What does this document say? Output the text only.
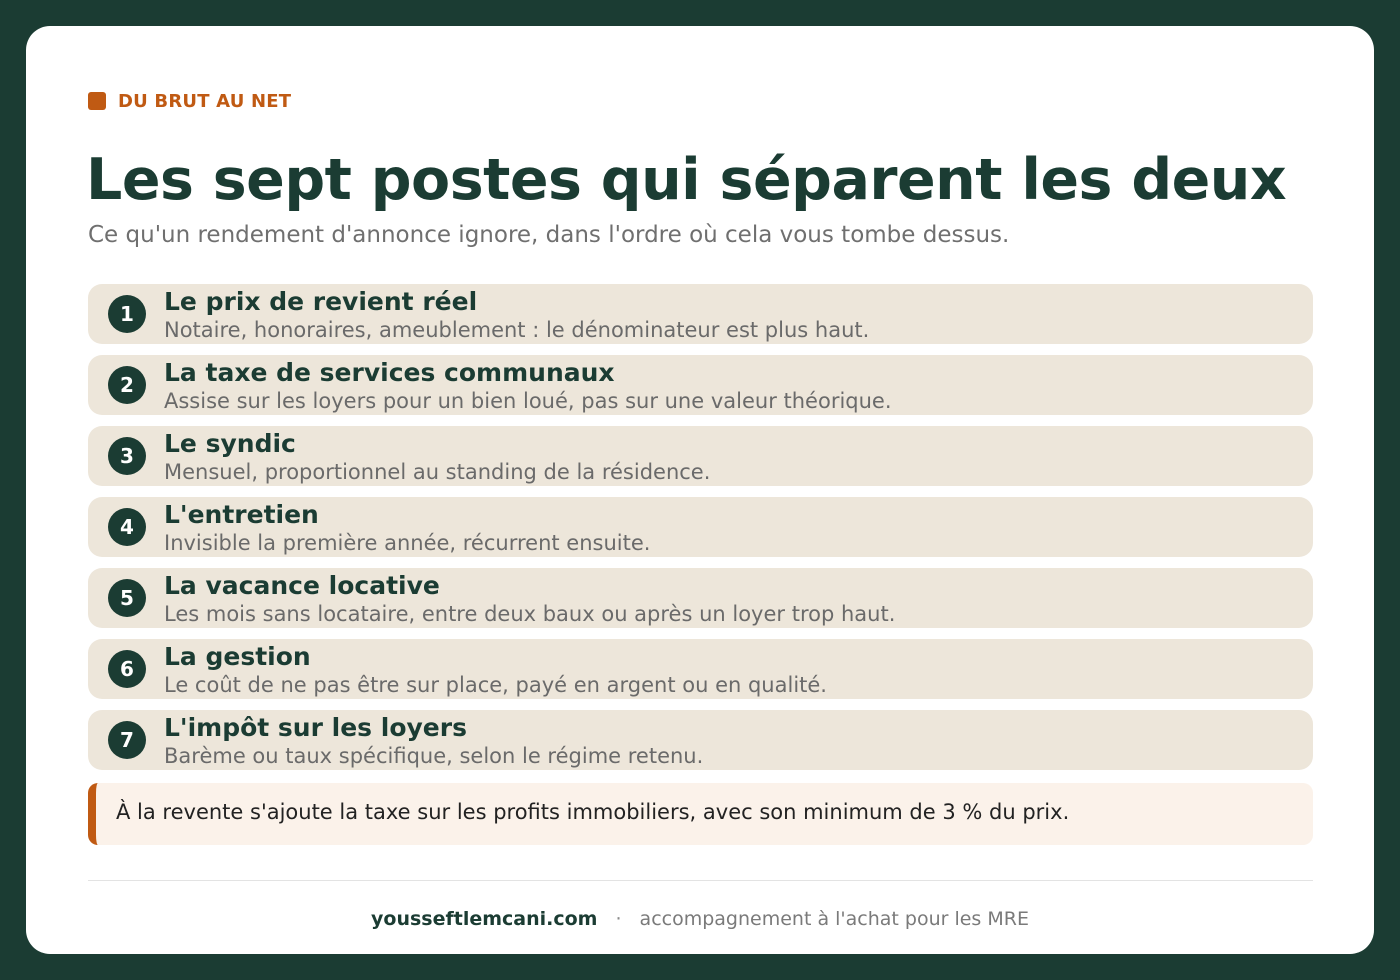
DU BRUT AU NET
Les sept postes qui séparent les deux

Ce qu'un rendement d'annonce ignore, dans l'ordre où cela vous tombe dessus.

1	Le prix de revient réel
Notaire, honoraires, ameublement : le dénominateur est plus haut.
2	La taxe de services communaux
Assise sur les loyers pour un bien loué, pas sur une valeur théorique.
3	Le syndic
Mensuel, proportionnel au standing de la résidence.
4	L'entretien
Invisible la première année, récurrent ensuite.
5	La vacance locative
Les mois sans locataire, entre deux baux ou après un loyer trop haut.
6	La gestion
Le coût de ne pas être sur place, payé en argent ou en qualité.
7	L'impôt sur les loyers
Barème ou taux spécifique, selon le régime retenu.
À la revente s'ajoute la taxe sur les profits immobiliers, avec son minimum de 3 % du prix.
yousseftlemcani.com · accompagnement à l'achat pour les MRE
